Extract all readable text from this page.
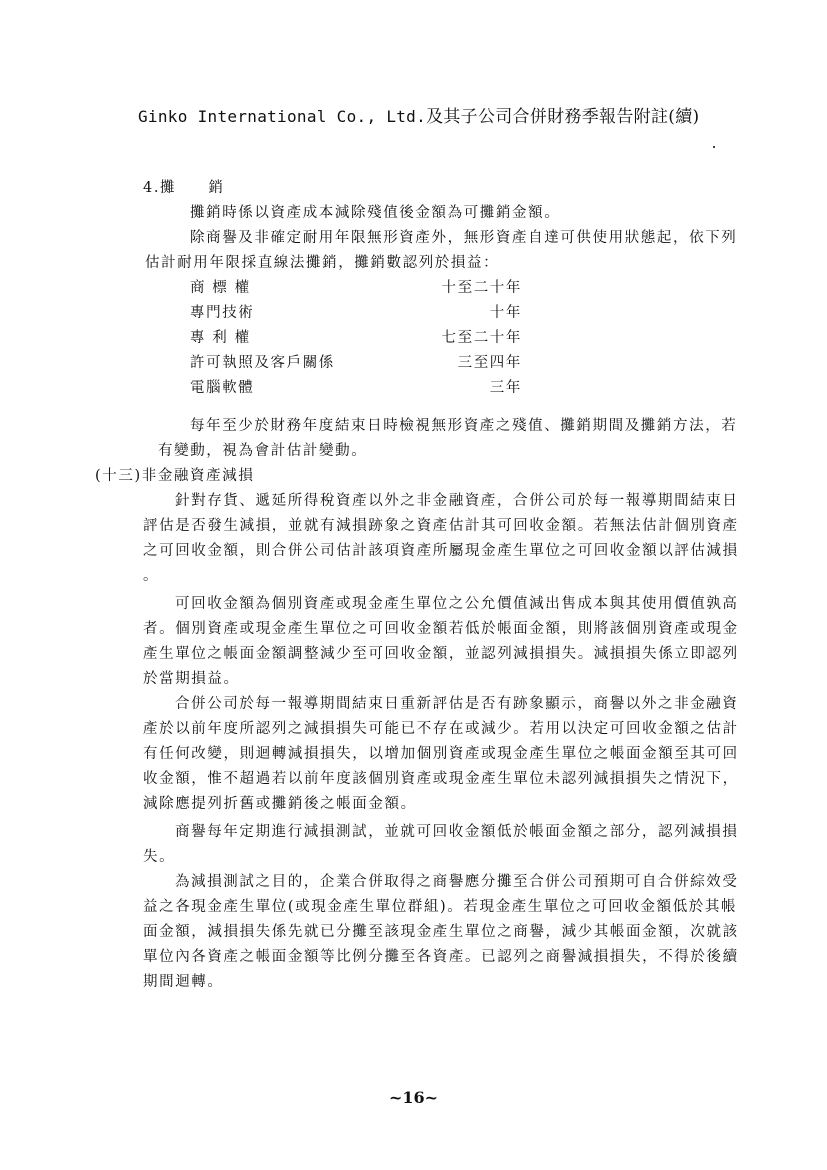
Ginko International Co., Ltd.及其子公司合併財務季報告附註(續)
4.攤　　銷
攤銷時係以資產成本減除殘值後金額為可攤銷金額。
除商譽及非確定耐用年限無形資產外，無形資產自達可供使用狀態起，依下列
估計耐用年限採直線法攤銷，攤銷數認列於損益：
商 標 權	十至二十年
專門技術	十年
專 利 權	七至二十年
許可執照及客戶關係	三至四年
電腦軟體	三年
每年至少於財務年度結束日時檢視無形資產之殘值、攤銷期間及攤銷方法，若
有變動，視為會計估計變動。
(十三)非金融資產減損
針對存貨、遞延所得稅資產以外之非金融資產，合併公司於每一報導期間結束日
評估是否發生減損，並就有減損跡象之資產估計其可回收金額。若無法估計個別資產
之可回收金額，則合併公司估計該項資產所屬現金產生單位之可回收金額以評估減損
。
可回收金額為個別資產或現金產生單位之公允價值減出售成本與其使用價值孰高
者。個別資產或現金產生單位之可回收金額若低於帳面金額，則將該個別資產或現金
產生單位之帳面金額調整減少至可回收金額，並認列減損損失。減損損失係立即認列
於當期損益。
合併公司於每一報導期間結束日重新評估是否有跡象顯示，商譽以外之非金融資
產於以前年度所認列之減損損失可能已不存在或減少。若用以決定可回收金額之估計
有任何改變，則迴轉減損損失，以增加個別資產或現金產生單位之帳面金額至其可回
收金額，惟不超過若以前年度該個別資產或現金產生單位未認列減損損失之情況下，
減除應提列折舊或攤銷後之帳面金額。
商譽每年定期進行減損測試，並就可回收金額低於帳面金額之部分，認列減損損
失。
為減損測試之目的，企業合併取得之商譽應分攤至合併公司預期可自合併綜效受
益之各現金產生單位(或現金產生單位群組)。若現金產生單位之可回收金額低於其帳
面金額，減損損失係先就已分攤至該現金產生單位之商譽，減少其帳面金額，次就該
單位內各資產之帳面金額等比例分攤至各資產。已認列之商譽減損損失，不得於後續
期間迴轉。
~16~
